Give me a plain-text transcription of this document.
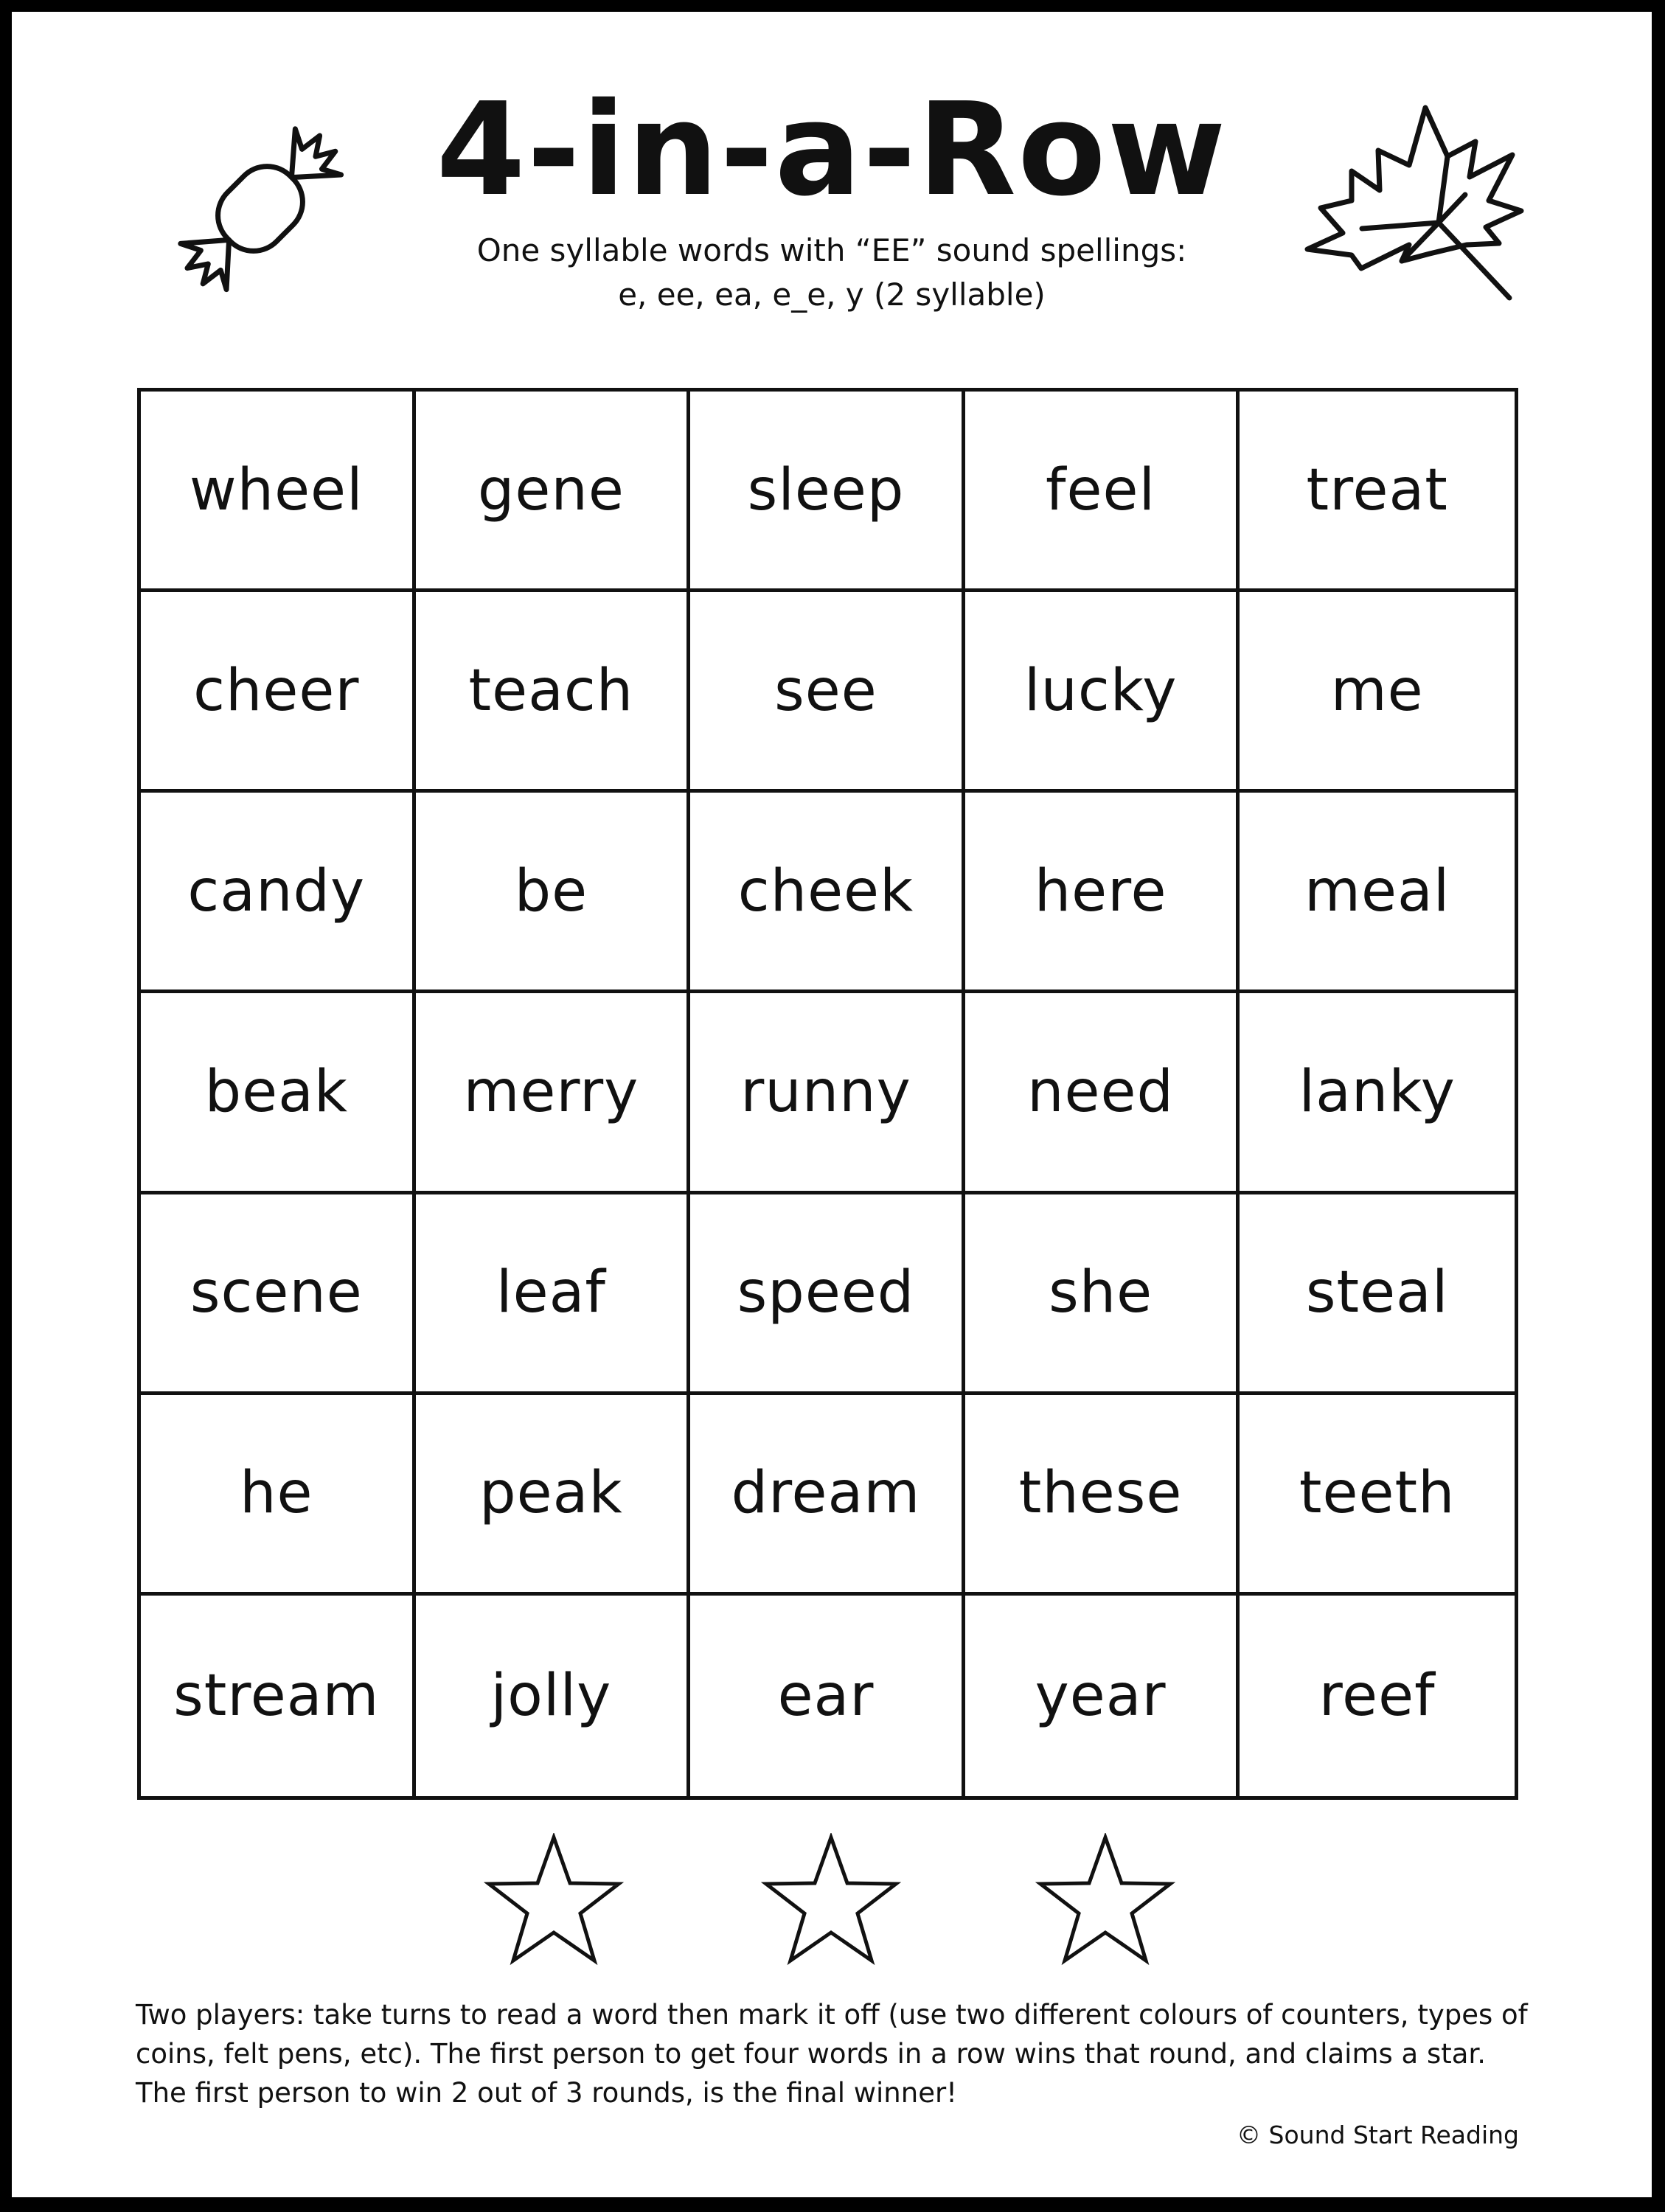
4-in-a-Row
One syllable words with “EE” sound spellings:
e, ee, ea, e_e, y (2 syllable)
wheel	gene	sleep	feel	treat
cheer	teach	see	lucky	me
candy	be	cheek	here	meal
beak	merry	runny	need	lanky
scene	leaf	speed	she	steal
he	peak	dream	these	teeth
stream	jolly	ear	year	reef

Two players: take turns to read a word then mark it off (use two different colours of counters, types of coins, felt pens, etc). The first person to get four words in a row wins that round, and claims a star. The first person to win 2 out of 3 rounds, is the final winner!

© Sound Start Reading
